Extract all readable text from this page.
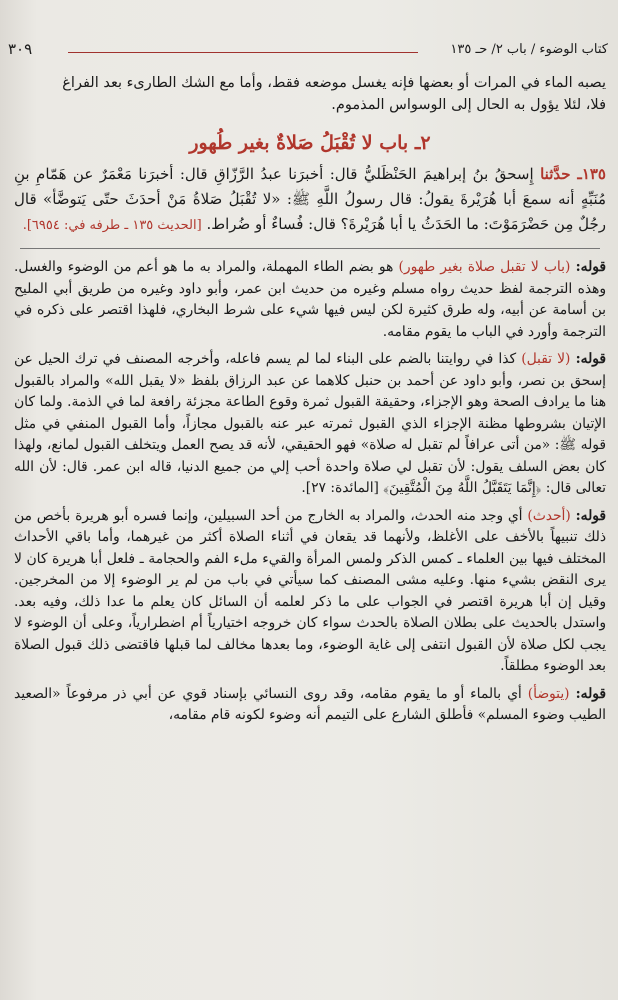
كتاب الوضوء / باب ٢/ حـ ١٣٥
٣٠٩

يصبه الماء في المرات أو بعضها فإنه يغسل موضعه فقط، وأما مع الشك الطارىء بعد الفراغ

فلا، لئلا يؤول به الحال إلى الوسواس المذموم.

٢ـ باب لا تُقْبَلُ صَلاةٌ بغير طُهور

١٣٥ـ حدَّثنا إِسحقُ بنُ إبراهيمَ الحَنْظَليُّ قال: أخبرَنا عبدُ الرَّزّاقِ قال: أخبرَنا مَعْمَرٌ عن هَمّامِ بنِ مُنَبِّهٍ أنه سمعَ أبا هُرَيْرةَ يقولُ: قال رسولُ اللَّهِ ﷺ: «لا تُقْبَلُ صَلاةُ مَنْ أحدَثَ حتّى يَتوضَّأ» قال رجُلٌ مِن حَضْرَمَوْتَ: ما الحَدَثُ يا أبا هُرَيْرةَ؟ قال: فُساءٌ أو ضُراط. [الحديث ١٣٥ ـ طرفه في: ٦٩٥٤].

قوله: (باب لا تقبل صلاة بغير طهور) هو بضم الطاء المهملة، والمراد به ما هو أعم من الوضوء والغسل. وهذه الترجمة لفظ حديث رواه مسلم وغيره من حديث ابن عمر، وأبو داود وغيره من طريق أبي المليح بن أسامة عن أبيه، وله طرق كثيرة لكن ليس فيها شيء على شرط البخاري، فلهذا اقتصر على ذكره في الترجمة وأورد في الباب ما يقوم مقامه.

قوله: (لا تقبل) كذا في روايتنا بالضم على البناء لما لم يسم فاعله، وأخرجه المصنف في ترك الحيل عن إسحق بن نصر، وأبو داود عن أحمد بن حنبل كلاهما عن عبد الرزاق بلفظ «لا يقبل الله» والمراد بالقبول هنا ما يرادف الصحة وهو الإجزاء، وحقيقة القبول ثمرة وقوع الطاعة مجزئة رافعة لما في الذمة. ولما كان الإتيان بشروطها مظنة الإجزاء الذي القبول ثمرته عبر عنه بالقبول مجازاً، وأما القبول المنفي في مثل قوله ﷺ: «من أتى عرافاً لم تقبل له صلاة» فهو الحقيقي، لأنه قد يصح العمل ويتخلف القبول لمانع، ولهذا كان بعض السلف يقول: لأن تقبل لي صلاة واحدة أحب إلي من جميع الدنيا، قاله ابن عمر. قال: لأن الله تعالى قال: ﴿إِنَّمَا يَتَقَبَّلُ اللَّهُ مِنَ الْمُتَّقِينَ﴾ [المائدة: ٢٧].

قوله: (أحدث) أي وجد منه الحدث، والمراد به الخارج من أحد السبيلين، وإنما فسره أبو هريرة بأخص من ذلك تنبيهاً بالأخف على الأغلظ، ولأنهما قد يقعان في أثناء الصلاة أكثر من غيرهما، وأما باقي الأحداث المختلف فيها بين العلماء ـ كمس الذكر ولمس المرأة والقيء ملء الفم والحجامة ـ فلعل أبا هريرة كان لا يرى النقض بشيء منها. وعليه مشى المصنف كما سيأتي في باب من لم ير الوضوء إلا من المخرجين. وقيل إن أبا هريرة اقتصر في الجواب على ما ذكر لعلمه أن السائل كان يعلم ما عدا ذلك، وفيه بعد. واستدل بالحديث على بطلان الصلاة بالحدث سواء كان خروجه اختيارياً أم اضطرارياً، وعلى أن الوضوء لا يجب لكل صلاة لأن القبول انتفى إلى غاية الوضوء، وما بعدها مخالف لما قبلها فاقتضى ذلك قبول الصلاة بعد الوضوء مطلقاً.

قوله: (يتوضأ) أي بالماء أو ما يقوم مقامه، وقد روى النسائي بإسناد قوي عن أبي ذر مرفوعاً «الصعيد الطيب وضوء المسلم» فأطلق الشارع على التيمم أنه وضوء لكونه قام مقامه،
